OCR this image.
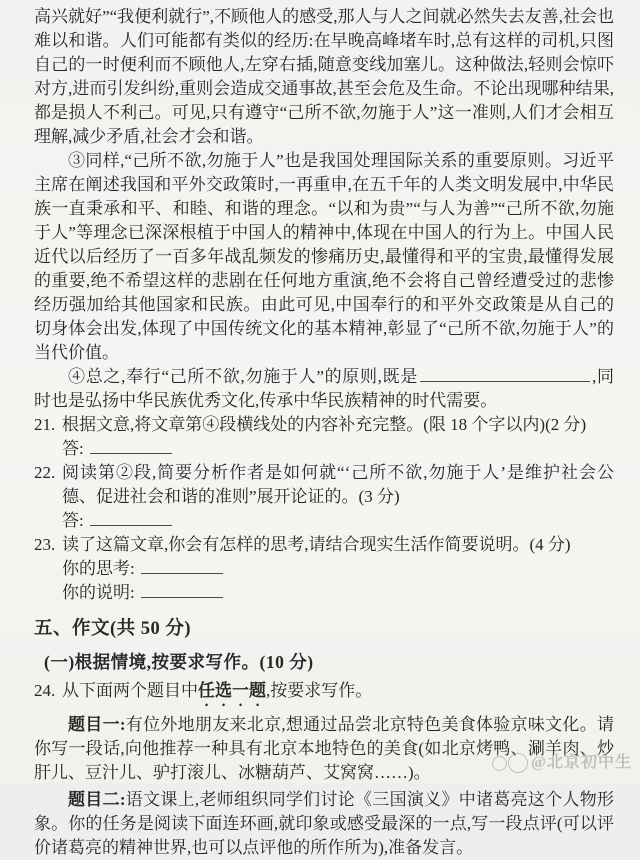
高兴就好”“我便利就行”,不顾他人的感受,那人与人之间就必然失去友善,社会也难以和谐。人们可能都有类似的经历:在早晚高峰堵车时,总有这样的司机,只图自己的一时便利而不顾他人,左穿右插,随意变线加塞儿。这种做法,轻则会惊吓对方,进而引发纠纷,重则会造成交通事故,甚至会危及生命。不论出现哪种结果,都是损人不利己。可见,只有遵守“己所不欲,勿施于人”这一准则,人们才会相互理解,减少矛盾,社会才会和谐。

③同样,“己所不欲,勿施于人”也是我国处理国际关系的重要原则。习近平主席在阐述我国和平外交政策时,一再重申,在五千年的人类文明发展中,中华民族一直秉承和平、和睦、和谐的理念。“以和为贵”“与人为善”“己所不欲,勿施于人”等理念已深深根植于中国人的精神中,体现在中国人的行为上。中国人民近代以后经历了一百多年战乱频发的惨痛历史,最懂得和平的宝贵,最懂得发展的重要,绝不希望这样的悲剧在任何地方重演,绝不会将自己曾经遭受过的悲惨经历强加给其他国家和民族。由此可见,中国奉行的和平外交政策是从自己的切身体会出发,体现了中国传统文化的基本精神,彰显了“己所不欲,勿施于人”的当代价值。

④总之,奉行“己所不欲,勿施于人”的原则,既是	,同时也是弘扬中华民族优秀文化,传承中华民族精神的时代需要。

21. 根据文意,将文章第④段横线处的内容补充完整。(限 18 个字以内)(2 分)

答:
22. 阅读第②段,简要分析作者是如何就“‘己所不欲,勿施于人’是维护社会公德、促进社会和谐的准则”展开论证的。(3 分)

答:
23. 读了这篇文章,你会有怎样的思考,请结合现实生活作简要说明。(4 分)

你的思考:
你的说明:
五、作文(共 50 分)
(一)根据情境,按要求写作。(10 分)
24. 从下面两个题目中任选一题,按要求写作。

题目一:有位外地朋友来北京,想通过品尝北京特色美食体验京味文化。请你写一段话,向他推荐一种具有北京本地特色的美食(如北京烤鸭、涮羊肉、炒肝儿、豆汁儿、驴打滚儿、冰糖葫芦、艾窝窝……)。

题目二:语文课上,老师组织同学们讨论《三国演义》中诸葛亮这个人物形象。你的任务是阅读下面连环画,就印象或感受最深的一点,写一段点评(可以评价诸葛亮的精神世界,也可以点评他的所作所为),准备发言。

@北京初中生
